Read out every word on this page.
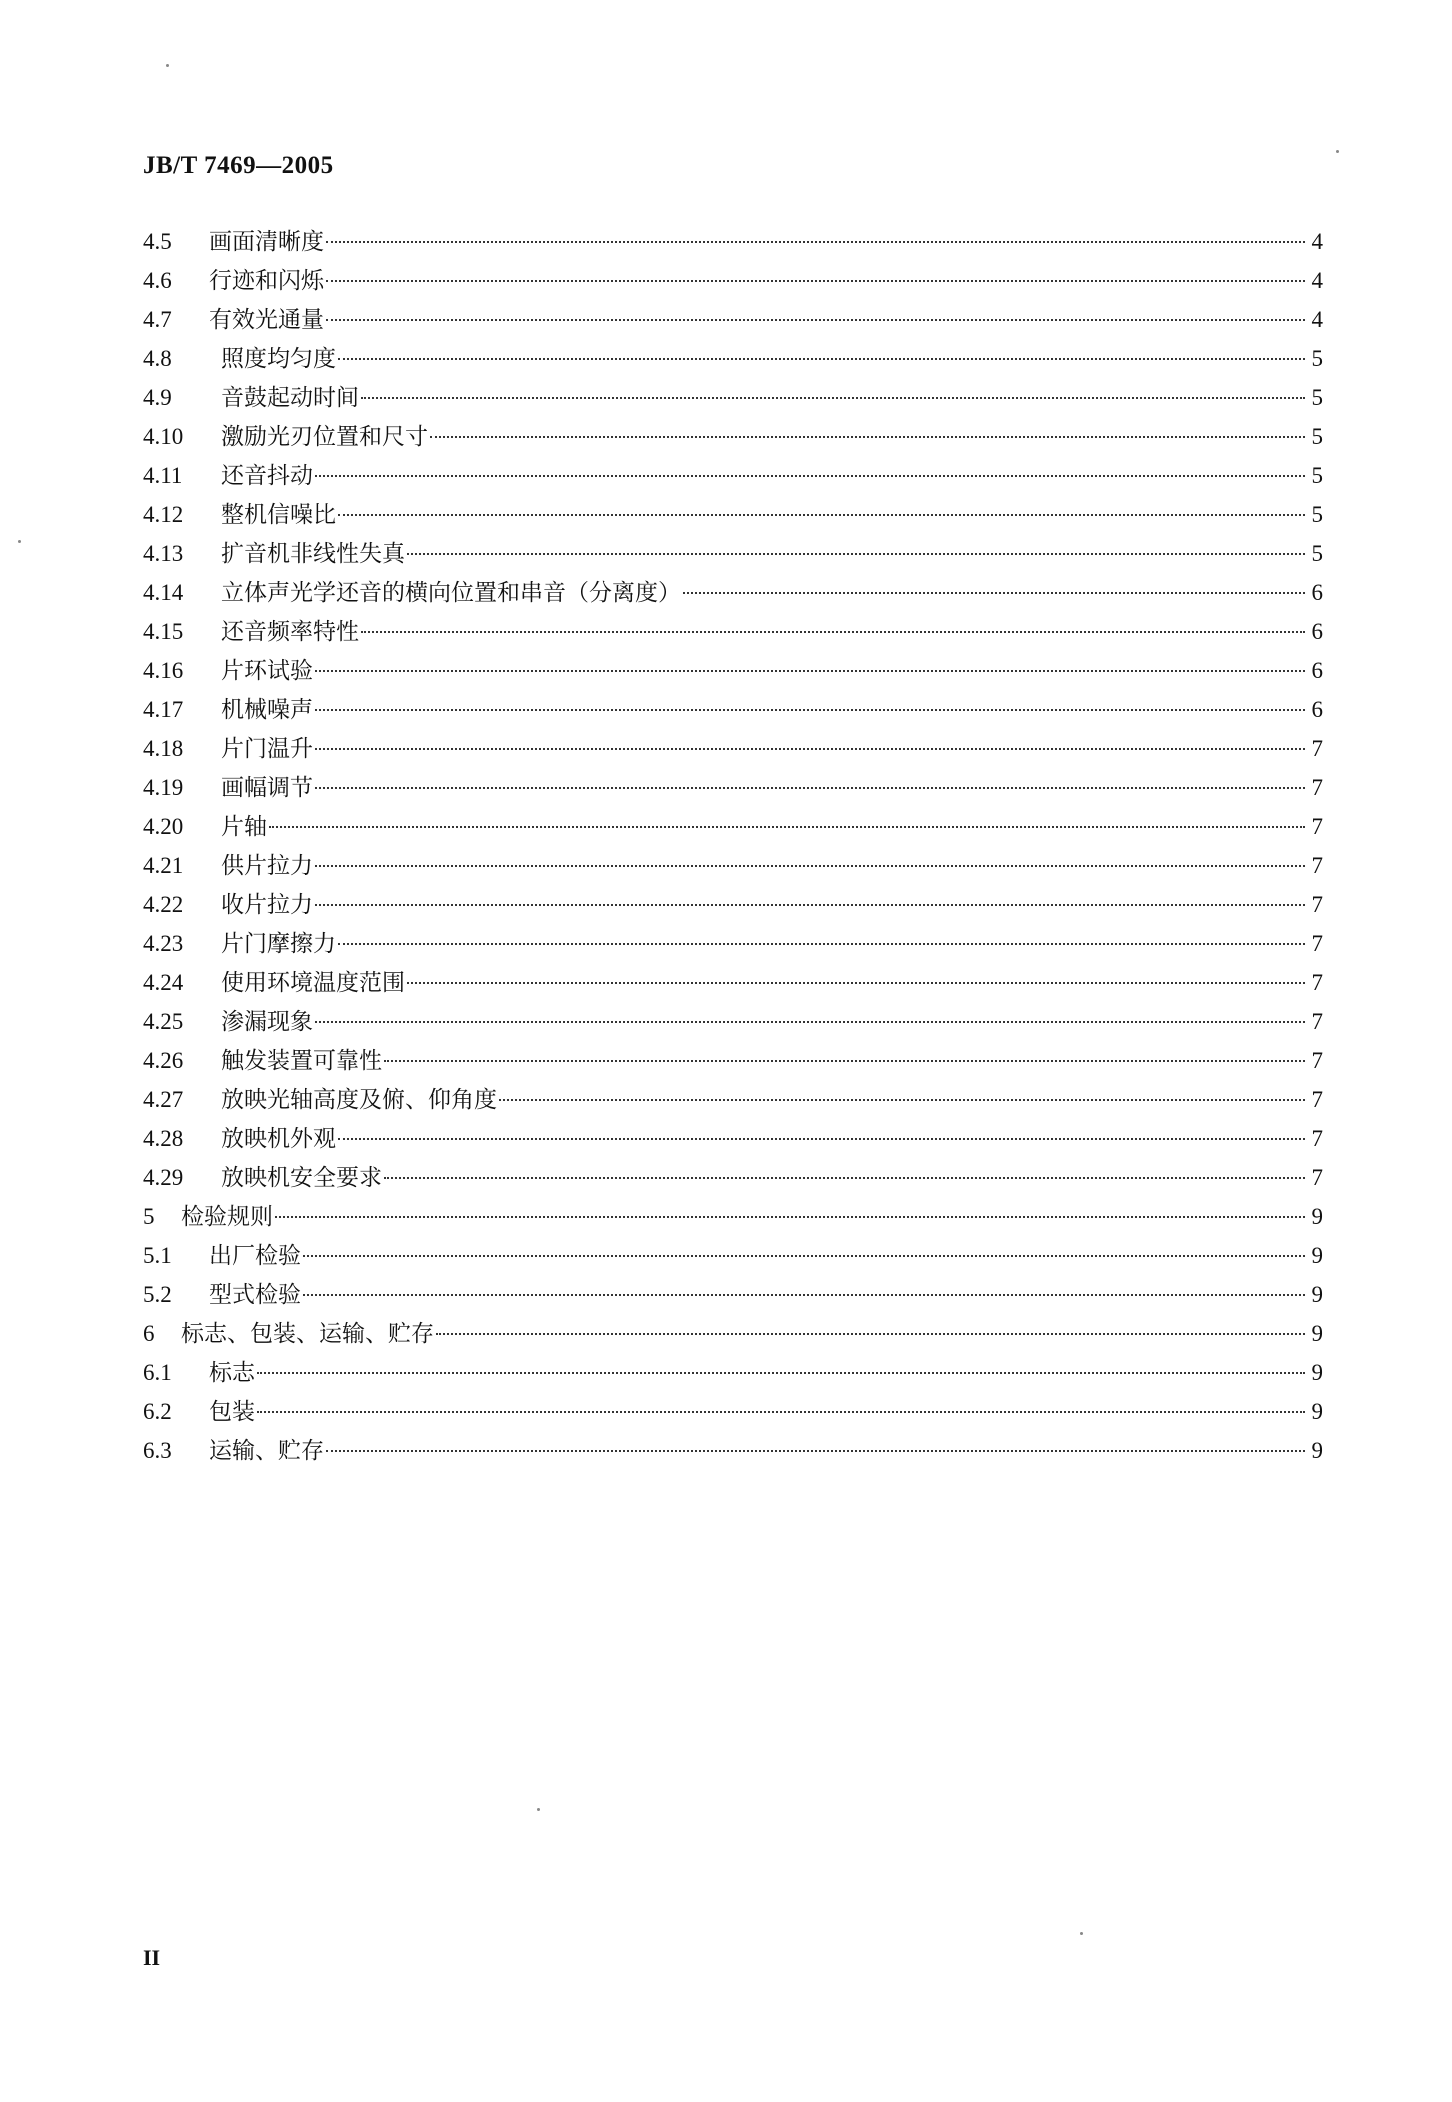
JB/T 7469—2005
4.5	画面清晰度	4
4.6	行迹和闪烁	4
4.7	有效光通量	4
4.8	照度均匀度	5
4.9	音鼓起动时间	5
4.10	激励光刃位置和尺寸	5
4.11	还音抖动	5
4.12	整机信噪比	5
4.13	扩音机非线性失真	5
4.14	立体声光学还音的横向位置和串音（分离度）	6
4.15	还音频率特性	6
4.16	片环试验	6
4.17	机械噪声	6
4.18	片门温升	7
4.19	画幅调节	7
4.20	片轴	7
4.21	供片拉力	7
4.22	收片拉力	7
4.23	片门摩擦力	7
4.24	使用环境温度范围	7
4.25	渗漏现象	7
4.26	触发装置可靠性	7
4.27	放映光轴高度及俯、仰角度	7
4.28	放映机外观	7
4.29	放映机安全要求	7
5	检验规则	9
5.1	出厂检验	9
5.2	型式检验	9
6	标志、包装、运输、贮存	9
6.1	标志	9
6.2	包装	9
6.3	运输、贮存	9
II
